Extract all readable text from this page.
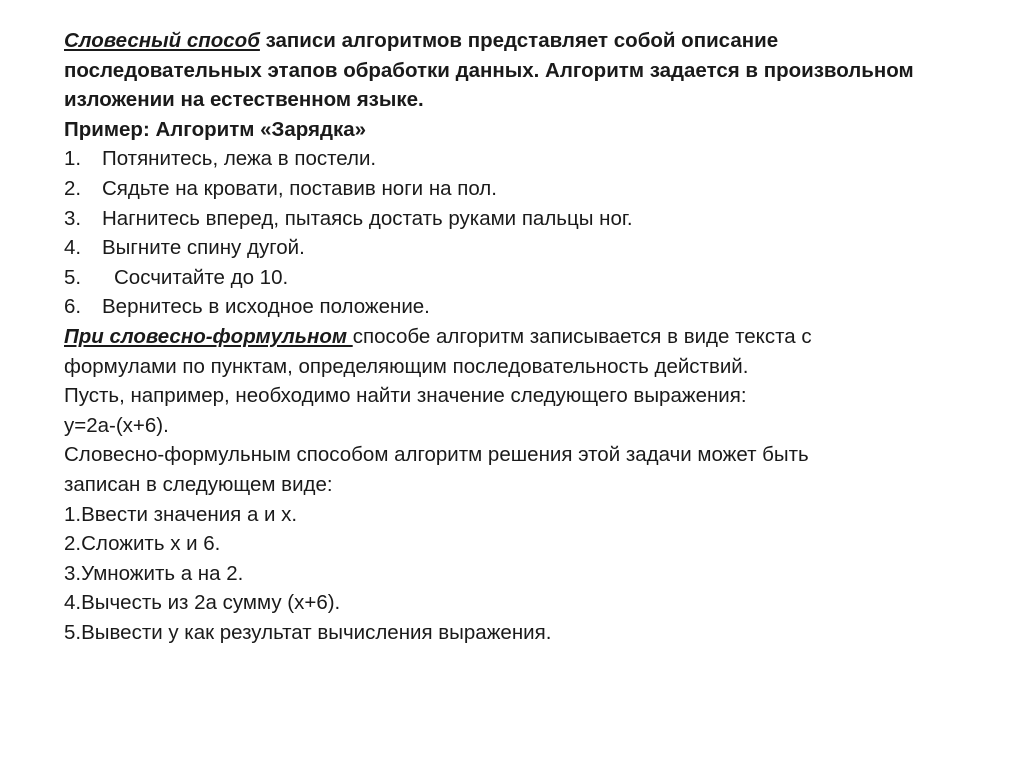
Словесный способ записи алгоритмов представляет собой описание
последовательных этапов обработки данных. Алгоритм задается в произвольном
изложении на естественном языке.
Пример: Алгоритм «Зарядка»
1. Потянитесь, лежа в постели.
2. Сядьте на кровати, поставив ноги на пол.
3. Нагнитесь вперед, пытаясь достать руками пальцы ног.
4. Выгните спину дугой.
5. Сосчитайте до 10.
6. Вернитесь в исходное положение.
При словесно-формульном способе алгоритм записывается в виде текста с
формулами по пунктам, определяющим последовательность действий.
Пусть, например, необходимо найти значение следующего выражения:
y=2a-(x+6).
Словесно-формульным способом алгоритм решения этой задачи может быть
записан в следующем виде:
1.Ввести значения а и х.
2.Сложить х и 6.
3.Умножить a на 2.
4.Вычесть из 2a сумму (х+6).
5.Вывести y как результат вычисления выражения.
